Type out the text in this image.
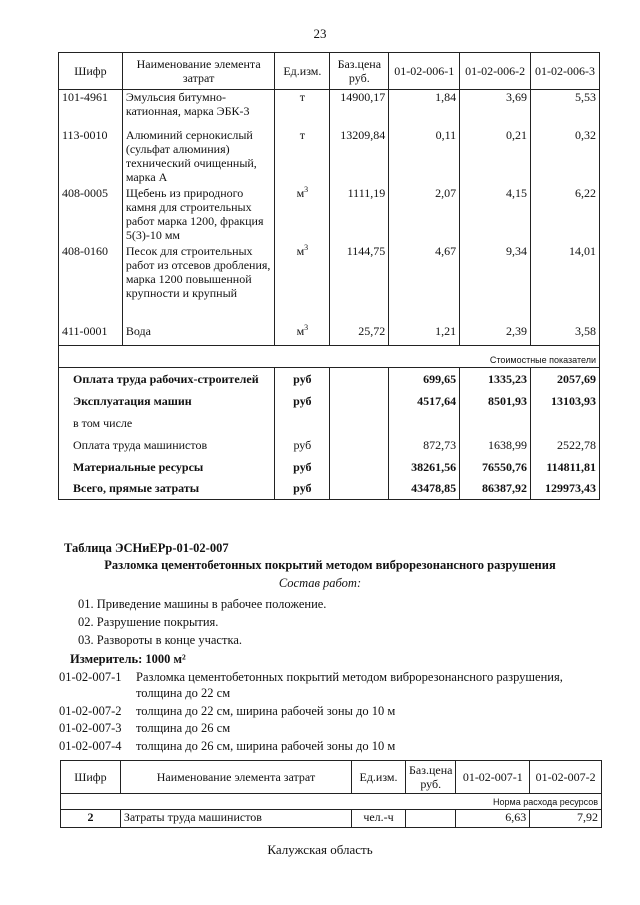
23
Шифр	Наименование элемента затрат	Ед.изм.	Баз.цена руб.	01-02-006-1	01-02-006-2	01-02-006-3
101-4961	Эмульсия битумно-катионная, марка ЭБК-3	т	14900,17	1,84	3,69	5,53
113-0010	Алюминий сернокислый (сульфат алюминия) технический очищенный, марка А	т	13209,84	0,11	0,21	0,32
408-0005	Щебень из природного камня для строительных работ марка 1200, фракция 5(3)-10 мм	$м^3$	1111,19	2,07	4,15	6,22
408-0160	Песок для строительных работ из отсевов дробления, марка 1200 повышенной крупности и крупный	$м^3$	1144,75	4,67	9,34	14,01
411-0001	Вода	$м^3$	25,72	1,21	2,39	3,58
Стоимостные показатели						
Оплата труда рабочих-строителей		руб		699,65	1335,23	2057,69
Эксплуатация машин		руб		4517,64	8501,93	13103,93
в том числе						
Оплата труда машинистов		руб		872,73	1638,99	2522,78
Материальные ресурсы		руб		38261,56	76550,76	114811,81
Всего, прямые затраты		руб		43478,85	86387,92	129973,43
Таблица ЭСНиЕРр-01-02-007
Разломка цементобетонных покрытий методом виброрезонансного разрушения
Состав работ:
01. Приведение машины в рабочее положение.
02. Разрушение покрытия.
03. Развороты в конце участка.
Измеритель: 1000 м²
01-02-007-1 Разломка цементобетонных покрытий методом виброрезонансного разрушения,
толщина до 22 см
01-02-007-2 толщина до 22 см, ширина рабочей зоны до 10 м
01-02-007-3 толщина до 26 см
01-02-007-4 толщина до 26 см, ширина рабочей зоны до 10 м
Шифр	Наименование элемента затрат	Ед.изм.	Баз.цена руб.	01-02-007-1	01-02-007-2
Норма расхода ресурсов					
2	Затраты труда машинистов	чел.-ч		6,63	7,92
Калужская область
